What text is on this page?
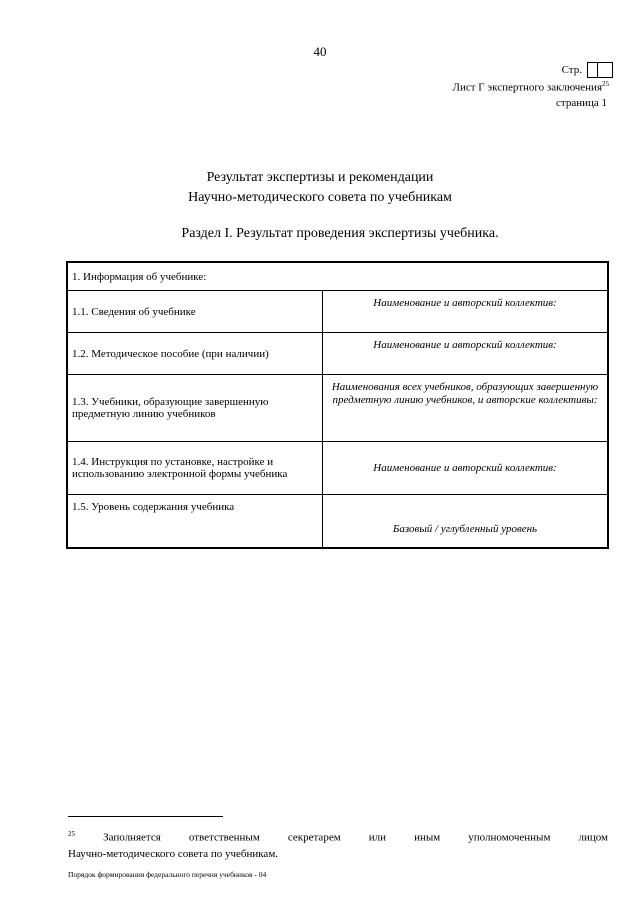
40
Стр.
Лист Г экспертного заключения$^{25}$
страница 1
Результат экспертизы и рекомендации
Научно-методического совета по учебникам
Раздел I. Результат проведения экспертизы учебника.
1. Информация об учебнике:	
1.1. Сведения об учебнике	Наименование и авторский коллектив:
1.2. Методическое пособие (при наличии)	Наименование и авторский коллектив:
1.3. Учебники, образующие завершенную предметную линию учебников	Наименования всех учебников, образующих завершенную предметную линию учебников, и авторские коллективы:
1.4. Инструкция по установке, настройке и использованию электронной формы учебника	Наименование и авторский коллектив:
1.5. Уровень содержания учебника	Базовый / углубленный уровень
$^{25}$	Заполняется ответственным секретарем или иным уполномоченным лицом
Научно-методического совета по учебникам.
Порядок формирования федерального перечня учебников - 04
